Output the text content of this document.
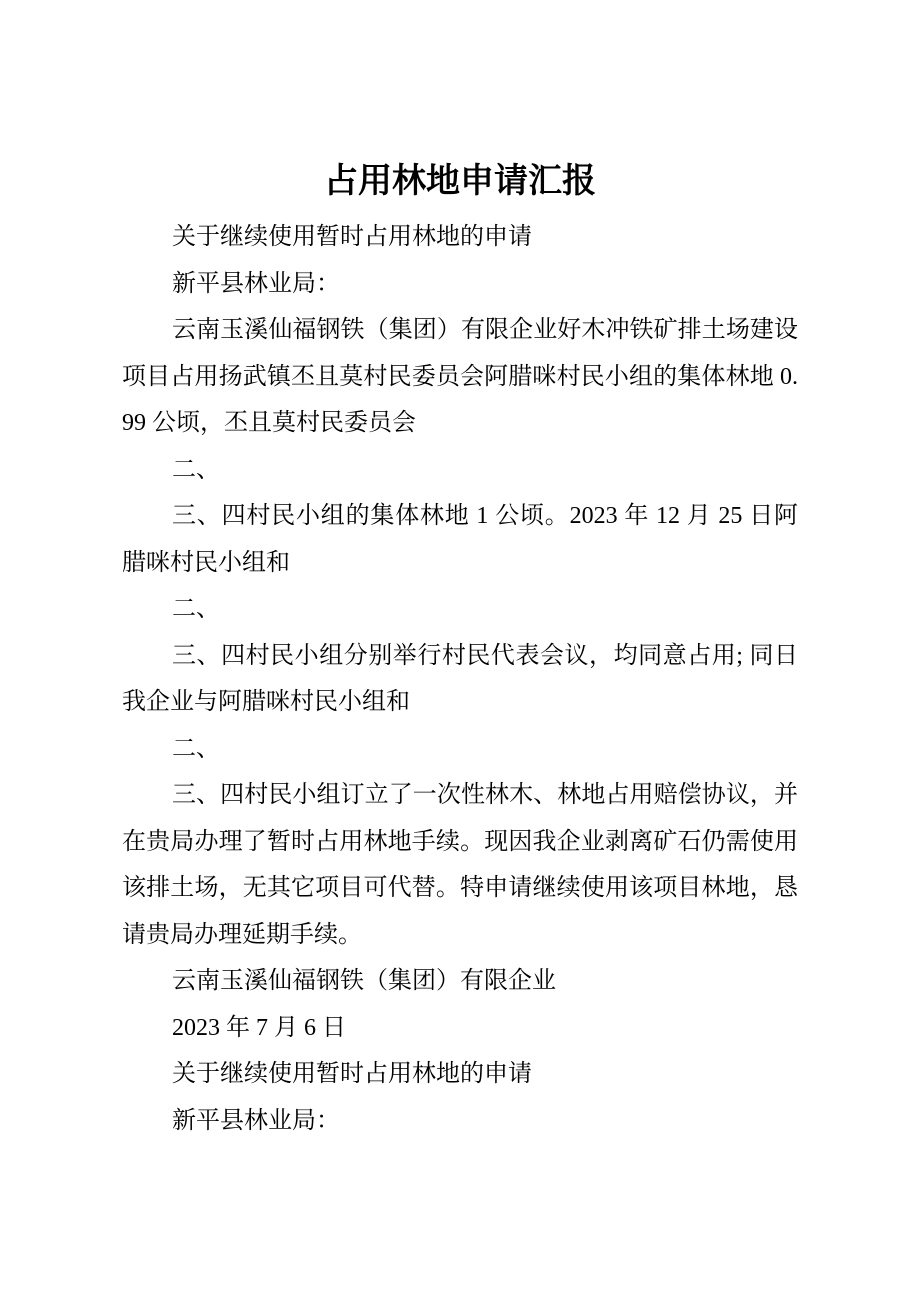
占用林地申请汇报

关于继续使用暂时占用林地的申请

新平县林业局：

云南玉溪仙福钢铁（集团）有限企业好木冲铁矿排土场建设项目占用扬武镇丕且莫村民委员会阿腊咪村民小组的集体林地 0.99 公顷，丕且莫村民委员会

二、

三、四村民小组的集体林地 1 公顷。2023 年 12 月 25 日阿腊咪村民小组和

二、

三、四村民小组分别举行村民代表会议，均同意占用; 同日我企业与阿腊咪村民小组和

二、

三、四村民小组订立了一次性林木、林地占用赔偿协议，并在贵局办理了暂时占用林地手续。现因我企业剥离矿石仍需使用该排土场，无其它项目可代替。特申请继续使用该项目林地，恳请贵局办理延期手续。

云南玉溪仙福钢铁（集团）有限企业

2023 年 7 月 6 日

关于继续使用暂时占用林地的申请

新平县林业局：
